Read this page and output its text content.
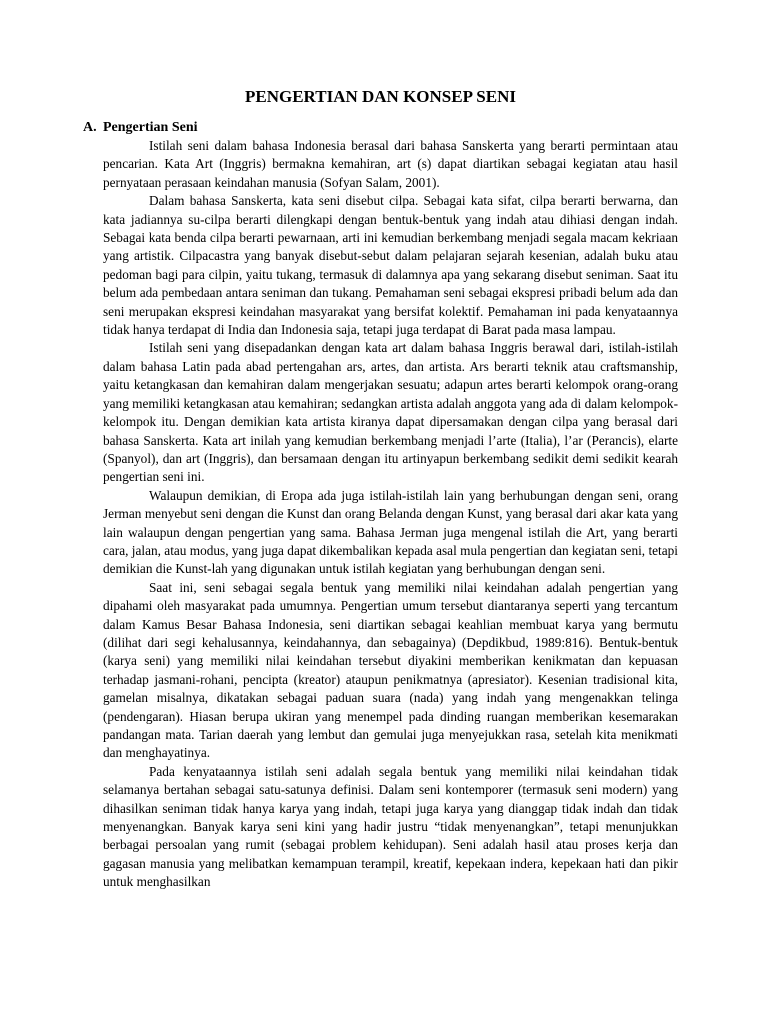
PENGERTIAN DAN KONSEP SENI
A. Pengertian Seni

Istilah seni dalam bahasa Indonesia berasal dari bahasa Sanskerta yang berarti permintaan atau pencarian. Kata Art (Inggris) bermakna kemahiran, art (s) dapat diartikan sebagai kegiatan atau hasil pernyataan perasaan keindahan manusia (Sofyan Salam, 2001).

Dalam bahasa Sanskerta, kata seni disebut cilpa. Sebagai kata sifat, cilpa berarti berwarna, dan kata jadiannya su-cilpa berarti dilengkapi dengan bentuk-bentuk yang indah atau dihiasi dengan indah. Sebagai kata benda cilpa berarti pewarnaan, arti ini kemudian berkembang menjadi segala macam kekriaan yang artistik. Cilpacastra yang banyak disebut-sebut dalam pelajaran sejarah kesenian, adalah buku atau pedoman bagi para cilpin, yaitu tukang, termasuk di dalamnya apa yang sekarang disebut seniman. Saat itu belum ada pembedaan antara seniman dan tukang. Pemahaman seni sebagai ekspresi pribadi belum ada dan seni merupakan ekspresi keindahan masyarakat yang bersifat kolektif. Pemahaman ini pada kenyataannya tidak hanya terdapat di India dan Indonesia saja, tetapi juga terdapat di Barat pada masa lampau.

Istilah seni yang disepadankan dengan kata art dalam bahasa Inggris berawal dari, istilah-istilah dalam bahasa Latin pada abad pertengahan ars, artes, dan artista. Ars berarti teknik atau craftsmanship, yaitu ketangkasan dan kemahiran dalam mengerjakan sesuatu; adapun artes berarti kelompok orang-orang yang memiliki ketangkasan atau kemahiran; sedangkan artista adalah anggota yang ada di dalam kelompok-kelompok itu. Dengan demikian kata artista kiranya dapat dipersamakan dengan cilpa yang berasal dari bahasa Sanskerta. Kata art inilah yang kemudian berkembang menjadi l’arte (Italia), l’ar (Perancis), elarte (Spanyol), dan art (Inggris), dan bersamaan dengan itu artinyapun berkembang sedikit demi sedikit kearah pengertian seni ini.

Walaupun demikian, di Eropa ada juga istilah-istilah lain yang berhubungan dengan seni, orang Jerman menyebut seni dengan die Kunst dan orang Belanda dengan Kunst, yang berasal dari akar kata yang lain walaupun dengan pengertian yang sama. Bahasa Jerman juga mengenal istilah die Art, yang berarti cara, jalan, atau modus, yang juga dapat dikembalikan kepada asal mula pengertian dan kegiatan seni, tetapi demikian die Kunst-lah yang digunakan untuk istilah kegiatan yang berhubungan dengan seni.

Saat ini, seni sebagai segala bentuk yang memiliki nilai keindahan adalah pengertian yang dipahami oleh masyarakat pada umumnya. Pengertian umum tersebut diantaranya seperti yang tercantum dalam Kamus Besar Bahasa Indonesia, seni diartikan sebagai keahlian membuat karya yang bermutu (dilihat dari segi kehalusannya, keindahannya, dan sebagainya) (Depdikbud, 1989:816). Bentuk-bentuk (karya seni) yang memiliki nilai keindahan tersebut diyakini memberikan kenikmatan dan kepuasan terhadap jasmani-rohani, pencipta (kreator) ataupun penikmatnya (apresiator). Kesenian tradisional kita, gamelan misalnya, dikatakan sebagai paduan suara (nada) yang indah yang mengenakkan telinga (pendengaran). Hiasan berupa ukiran yang menempel pada dinding ruangan memberikan kesemarakan pandangan mata. Tarian daerah yang lembut dan gemulai juga menyejukkan rasa, setelah kita menikmati dan menghayatinya.

Pada kenyataannya istilah seni adalah segala bentuk yang memiliki nilai keindahan tidak selamanya bertahan sebagai satu-satunya definisi. Dalam seni kontemporer (termasuk seni modern) yang dihasilkan seniman tidak hanya karya yang indah, tetapi juga karya yang dianggap tidak indah dan tidak menyenangkan. Banyak karya seni kini yang hadir justru “tidak menyenangkan”, tetapi menunjukkan berbagai persoalan yang rumit (sebagai problem kehidupan). Seni adalah hasil atau proses kerja dan gagasan manusia yang melibatkan kemampuan terampil, kreatif, kepekaan indera, kepekaan hati dan pikir untuk menghasilkan
